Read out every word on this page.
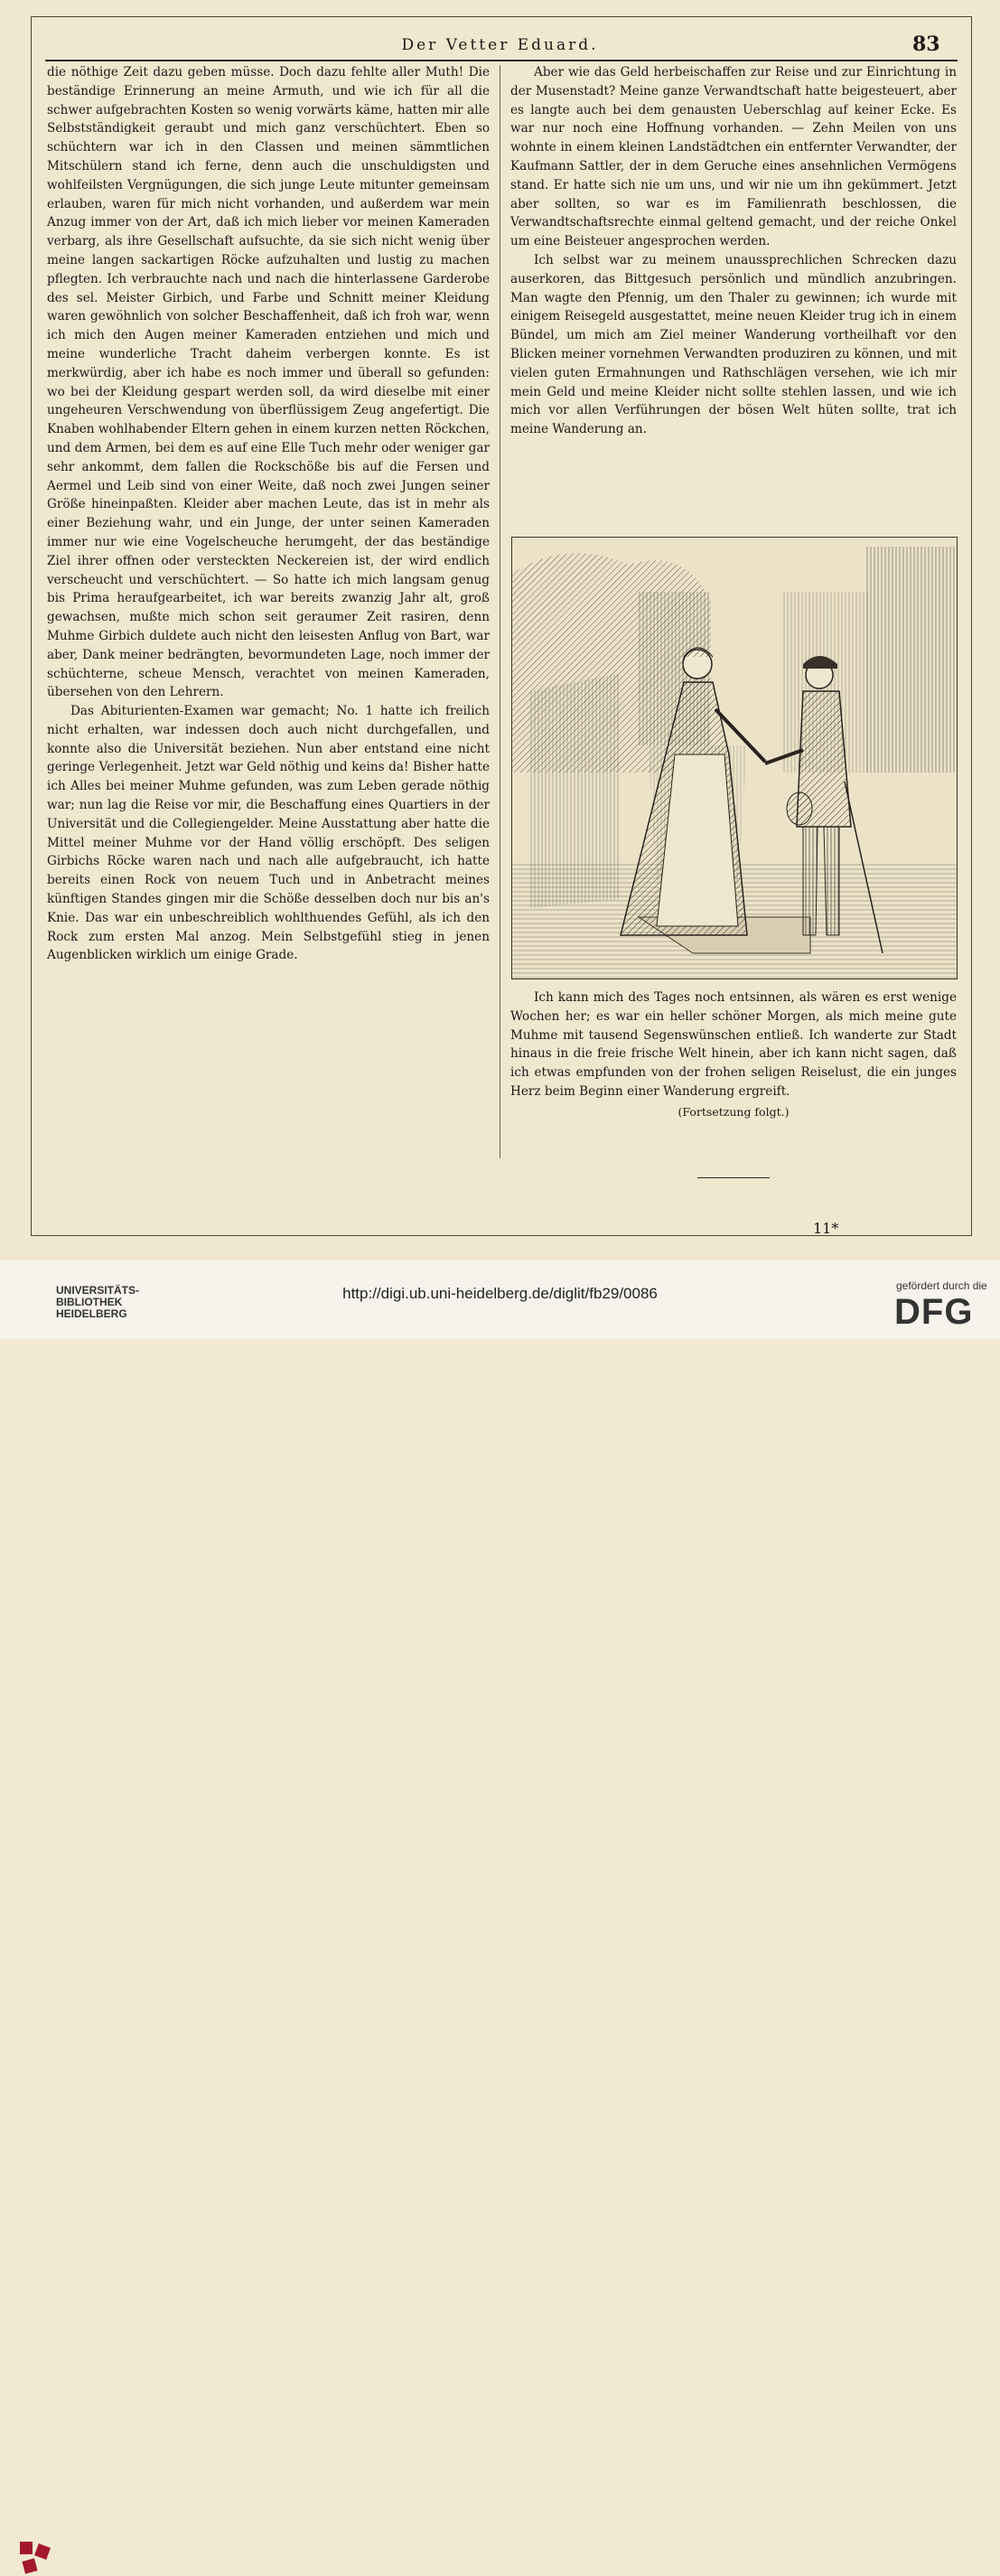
Der Vetter Eduard.	83

die nöthige Zeit dazu geben müsse. Doch dazu fehlte aller Muth! Die beständige Erinnerung an meine Armuth, und wie ich für all die schwer aufgebrachten Kosten so wenig vorwärts käme, hatten mir alle Selbstständigkeit geraubt und mich ganz verschüchtert. Eben so schüchtern war ich in den Classen und meinen sämmtlichen Mitschülern stand ich ferne, denn auch die unschuldigsten und wohlfeilsten Vergnügungen, die sich junge Leute mitunter gemeinsam erlauben, waren für mich nicht vorhanden, und außerdem war mein Anzug immer von der Art, daß ich mich lieber vor meinen Kameraden verbarg, als ihre Gesellschaft aufsuchte, da sie sich nicht wenig über meine langen sackartigen Röcke aufzuhalten und lustig zu machen pflegten. Ich verbrauchte nach und nach die hinterlassene Garderobe des sel. Meister Girbich, und Farbe und Schnitt meiner Kleidung waren gewöhnlich von solcher Beschaffenheit, daß ich froh war, wenn ich mich den Augen meiner Kameraden entziehen und mich und meine wunderliche Tracht daheim verbergen konnte. Es ist merkwürdig, aber ich habe es noch immer und überall so gefunden: wo bei der Kleidung gespart werden soll, da wird dieselbe mit einer ungeheuren Verschwendung von überflüssigem Zeug angefertigt. Die Knaben wohlhabender Eltern gehen in einem kurzen netten Röckchen, und dem Armen, bei dem es auf eine Elle Tuch mehr oder weniger gar sehr ankommt, dem fallen die Rockschöße bis auf die Fersen und Aermel und Leib sind von einer Weite, daß noch zwei Jungen seiner Größe hineinpaßten. Kleider aber machen Leute, das ist in mehr als einer Beziehung wahr, und ein Junge, der unter seinen Kameraden immer nur wie eine Vogelscheuche herumgeht, der das beständige Ziel ihrer offnen oder versteckten Neckereien ist, der wird endlich verscheucht und verschüchtert. — So hatte ich mich langsam genug bis Prima heraufgearbeitet, ich war bereits zwanzig Jahr alt, groß gewachsen, mußte mich schon seit geraumer Zeit rasiren, denn Muhme Girbich duldete auch nicht den leisesten Anflug von Bart, war aber, Dank meiner bedrängten, bevormundeten Lage, noch immer der schüchterne, scheue Mensch, verachtet von meinen Kameraden, übersehen von den Lehrern.

Das Abiturienten-Examen war gemacht; No. 1 hatte ich freilich nicht erhalten, war indessen doch auch nicht durchgefallen, und konnte also die Universität beziehen. Nun aber entstand eine nicht geringe Verlegenheit. Jetzt war Geld nöthig und keins da! Bisher hatte ich Alles bei meiner Muhme gefunden, was zum Leben gerade nöthig war; nun lag die Reise vor mir, die Beschaffung eines Quartiers in der Universität und die Collegiengelder. Meine Ausstattung aber hatte die Mittel meiner Muhme vor der Hand völlig erschöpft. Des seligen Girbichs Röcke waren nach und nach alle aufgebraucht, ich hatte bereits einen Rock von neuem Tuch und in Anbetracht meines künftigen Standes gingen mir die Schöße desselben doch nur bis an's Knie. Das war ein unbeschreiblich wohlthuendes Gefühl, als ich den Rock zum ersten Mal anzog. Mein Selbstgefühl stieg in jenen Augenblicken wirklich um einige Grade.

Aber wie das Geld herbeischaffen zur Reise und zur Einrichtung in der Musenstadt? Meine ganze Verwandtschaft hatte beigesteuert, aber es langte auch bei dem genausten Ueberschlag auf keiner Ecke. Es war nur noch eine Hoffnung vorhanden. — Zehn Meilen von uns wohnte in einem kleinen Landstädtchen ein entfernter Verwandter, der Kaufmann Sattler, der in dem Geruche eines ansehnlichen Vermögens stand. Er hatte sich nie um uns, und wir nie um ihn gekümmert. Jetzt aber sollten, so war es im Familienrath beschlossen, die Verwandtschaftsrechte einmal geltend gemacht, und der reiche Onkel um eine Beisteuer angesprochen werden.

Ich selbst war zu meinem unaussprechlichen Schrecken dazu auserkoren, das Bittgesuch persönlich und mündlich anzubringen. Man wagte den Pfennig, um den Thaler zu gewinnen; ich wurde mit einigem Reisegeld ausgestattet, meine neuen Kleider trug ich in einem Bündel, um mich am Ziel meiner Wanderung vortheilhaft vor den Blicken meiner vornehmen Verwandten produziren zu können, und mit vielen guten Ermahnungen und Rathschlägen versehen, wie ich mir mein Geld und meine Kleider nicht sollte stehlen lassen, und wie ich mich vor allen Verführungen der bösen Welt hüten sollte, trat ich meine Wanderung an.

Ich kann mich des Tages noch entsinnen, als wären es erst wenige Wochen her; es war ein heller schöner Morgen, als mich meine gute Muhme mit tausend Segenswünschen entließ. Ich wanderte zur Stadt hinaus in die freie frische Welt hinein, aber ich kann nicht sagen, daß ich etwas empfunden von der frohen seligen Reiselust, die ein junges Herz beim Beginn einer Wanderung ergreift.

(Fortsetzung folgt.)
11*
UNIVERSITÄTS-
BIBLIOTHEK
HEIDELBERG
http://digi.ub.uni-heidelberg.de/diglit/fb29/0086	gefördert durch die
DFG
